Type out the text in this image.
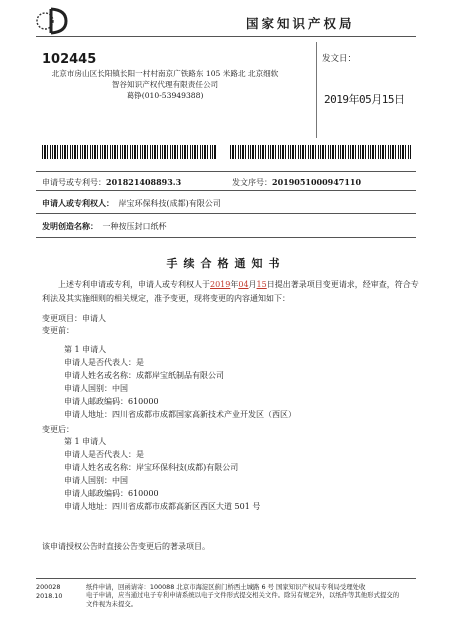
国家知识产权局
102445
北京市房山区长阳镇长阳一村村南京广铁路东 105 米路北 北京细软
智谷知识产权代理有限责任公司
葛铮(010-53949388)
发文日：
2019年05月15日
申请号或专利号：201821408893.3	发文序号：2019051000947110
申请人或专利权人： 岸宝环保科技(成都)有限公司
发明创造名称： 一种按压封口纸杯
手续合格通知书
上述专利申请或专利，申请人或专利权人于2019年04月15日提出著录项目变更请求，经审查，符合专利法及其实施细则的相关规定，准予变更，现将变更的内容通知如下：
变更项目：申请人
变更前：
第 1 申请人
申请人是否代表人：是
申请人姓名或名称：成都岸宝纸制品有限公司
申请人国别：中国
申请人邮政编码：610000
申请人地址：四川省成都市成都国家高新技术产业开发区（西区）
变更后：
第 1 申请人
申请人是否代表人：是
申请人姓名或名称：岸宝环保科技(成都)有限公司
申请人国别：中国
申请人邮政编码：610000
申请人地址：四川省成都市成都高新区西区大道 501 号
该申请授权公告时直接公告变更后的著录项目。
200028
2018.10
纸件申请，回函请寄：100088 北京市海淀区蓟门桥西土城路 6 号 国家知识产权局专利局受理处收
电子申请，应当通过电子专利申请系统以电子文件形式提交相关文件。除另有规定外，以纸件等其他形式提交的
文件视为未提交。
